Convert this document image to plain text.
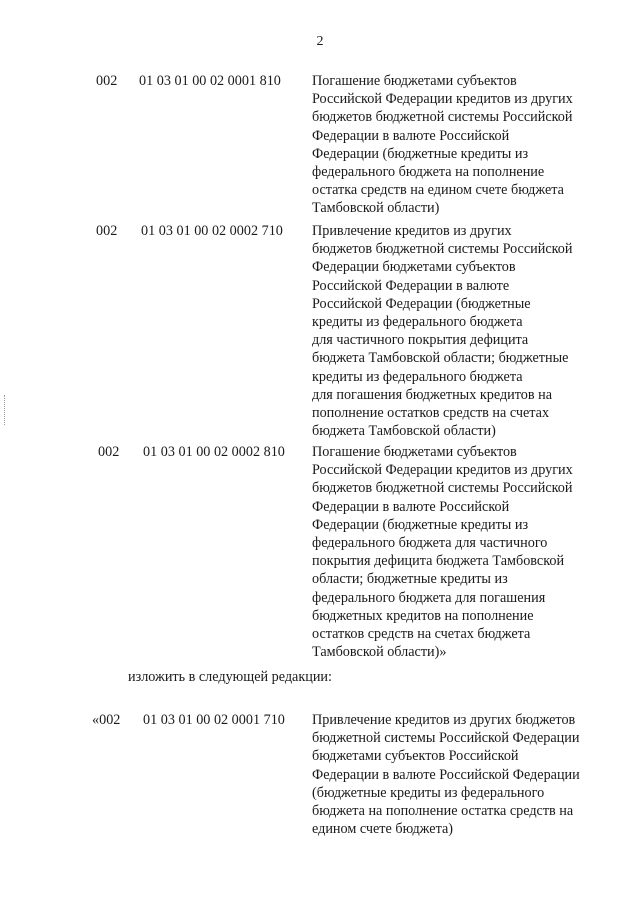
2
002 01 03 01 00 02 0001 810 Погашение бюджетами субъектов
Российской Федерации кредитов из других
бюджетов бюджетной системы Российской
Федерации в валюте Российской
Федерации (бюджетные кредиты из
федерального бюджета на пополнение
остатка средств на едином счете бюджета
Тамбовской области)
002 01 03 01 00 02 0002 710 Привлечение кредитов из других
бюджетов бюджетной системы Российской
Федерации бюджетами субъектов
Российской Федерации в валюте
Российской Федерации (бюджетные
кредиты из федерального бюджета
для частичного покрытия дефицита
бюджета Тамбовской области; бюджетные
кредиты из федерального бюджета
для погашения бюджетных кредитов на
пополнение остатков средств на счетах
бюджета Тамбовской области)
002 01 03 01 00 02 0002 810 Погашение бюджетами субъектов
Российской Федерации кредитов из других
бюджетов бюджетной системы Российской
Федерации в валюте Российской
Федерации (бюджетные кредиты из
федерального бюджета для частичного
покрытия дефицита бюджета Тамбовской
области; бюджетные кредиты из
федерального бюджета для погашения
бюджетных кредитов на пополнение
остатков средств на счетах бюджета
Тамбовской области)»
изложить в следующей редакции:
«002 01 03 01 00 02 0001 710 Привлечение кредитов из других бюджетов
бюджетной системы Российской Федерации
бюджетами субъектов Российской
Федерации в валюте Российской Федерации
(бюджетные кредиты из федерального
бюджета на пополнение остатка средств на
едином счете бюджета)
